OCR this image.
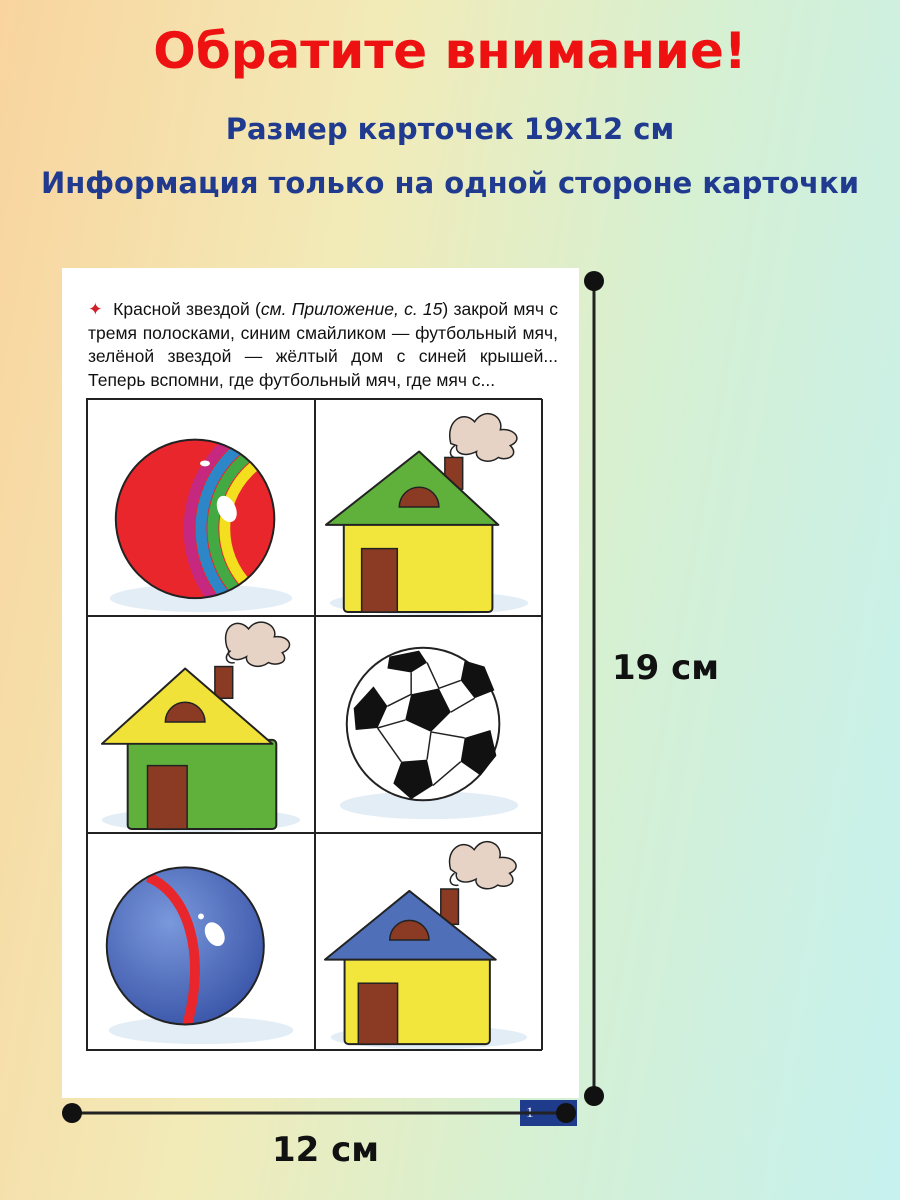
Обратите внимание!

Размер карточек 19х12 см

Информация только на одной стороне карточки

✦ Красной звездой (см. Приложение, с. 15) закрой мяч с тремя полосками, синим смайликом — футбольный мяч, зелёной звездой — жёлтый дом с синей крышей... Теперь вспомни, где футбольный мяч, где мяч с...
1
19 см
12 см
